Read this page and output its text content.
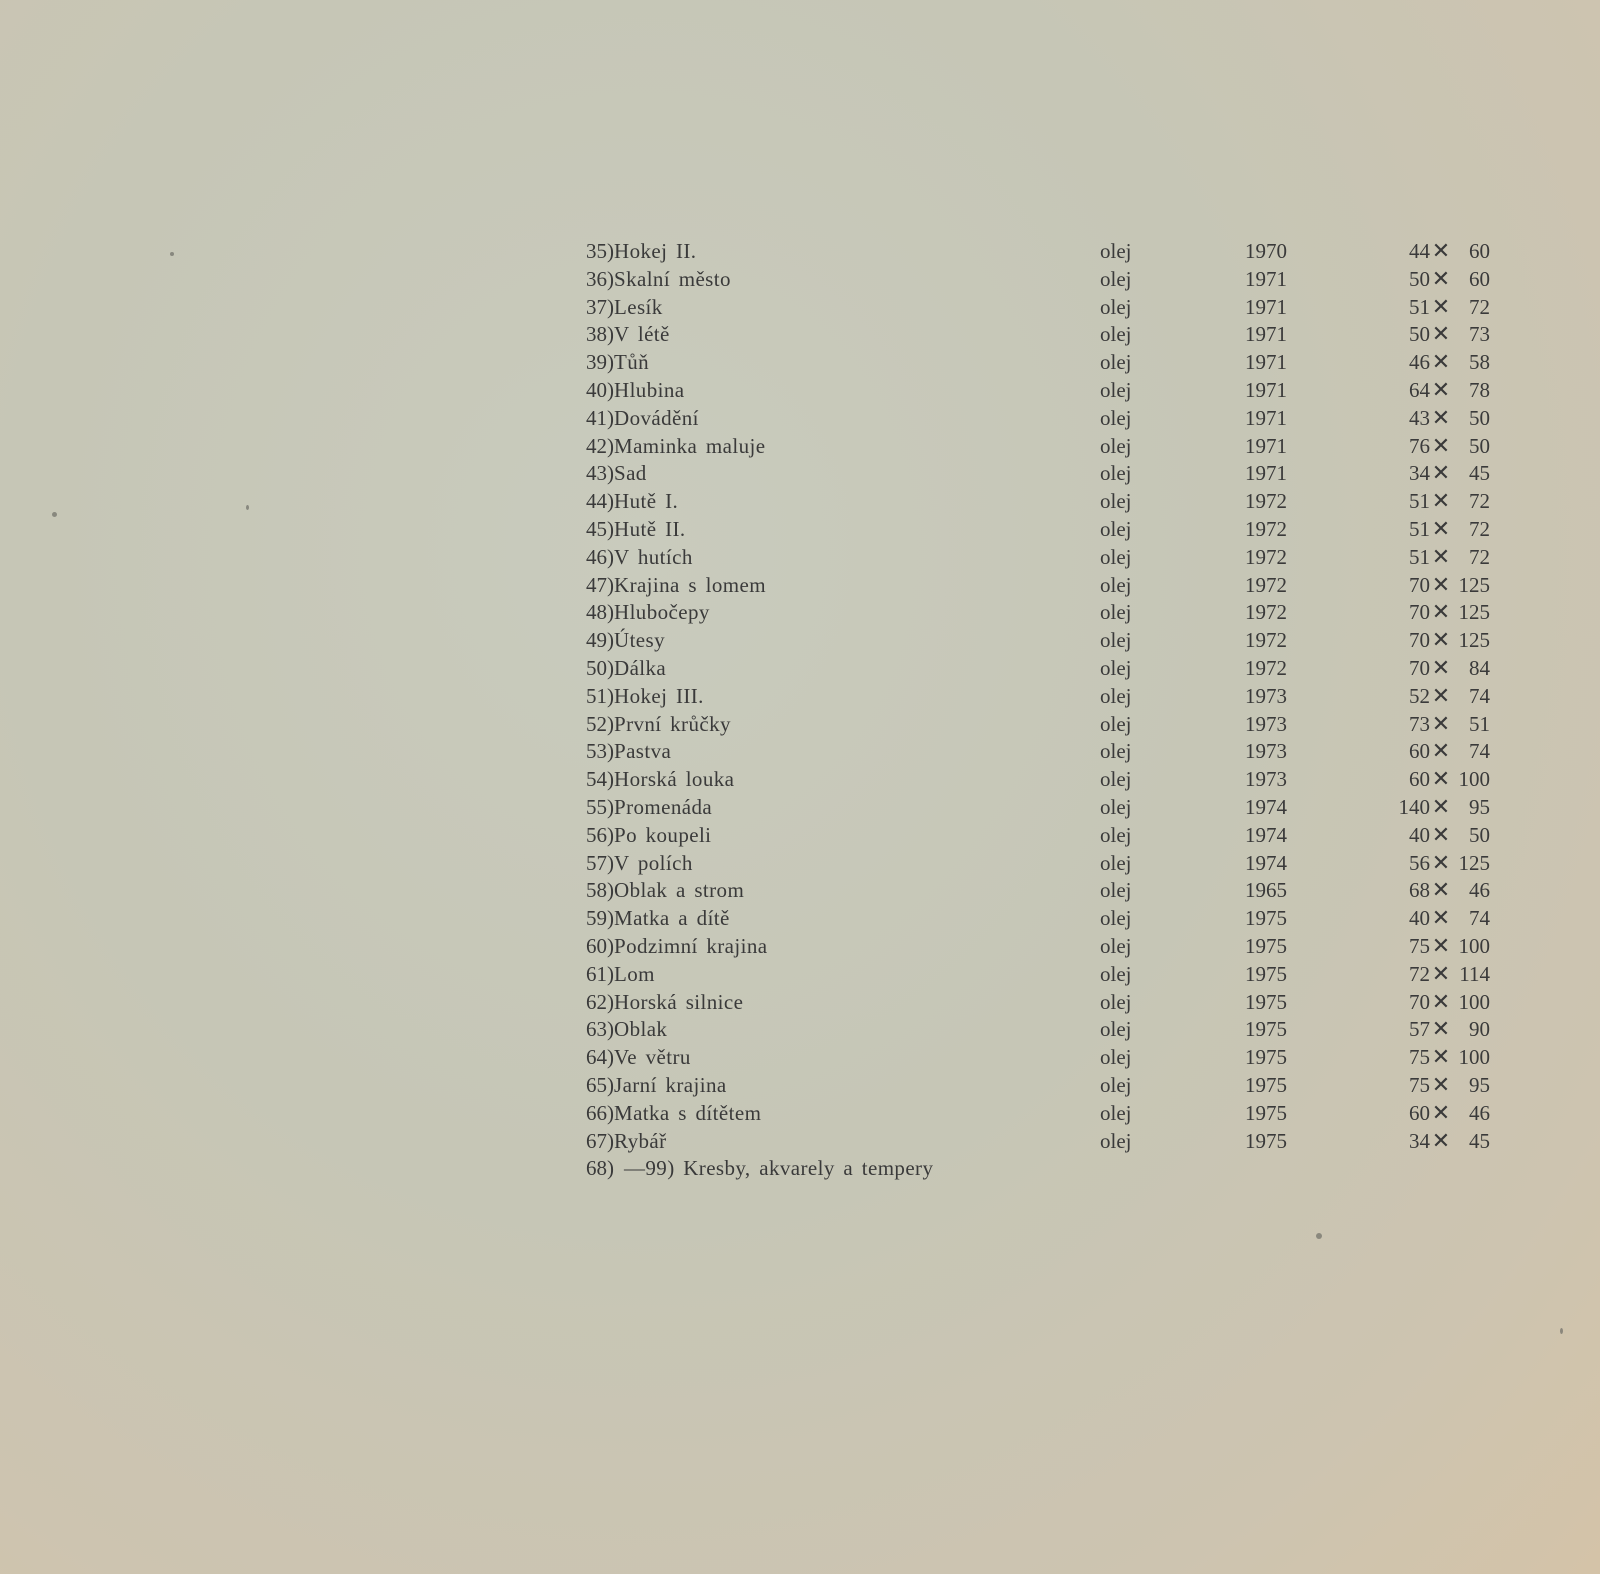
35) Hokej II.	olej	1970	44 ✕ 60
36) Skalní město	olej	1971	50 ✕ 60
37) Lesík	olej	1971	51 ✕ 72
38) V létě	olej	1971	50 ✕ 73
39) Tůň	olej	1971	46 ✕ 58
40) Hlubina	olej	1971	64 ✕ 78
41) Dovádění	olej	1971	43 ✕ 50
42) Maminka maluje	olej	1971	76 ✕ 50
43) Sad	olej	1971	34 ✕ 45
44) Hutě I.	olej	1972	51 ✕ 72
45) Hutě II.	olej	1972	51 ✕ 72
46) V hutích	olej	1972	51 ✕ 72
47) Krajina s lomem	olej	1972	70 ✕ 125
48) Hlubočepy	olej	1972	70 ✕ 125
49) Útesy	olej	1972	70 ✕ 125
50) Dálka	olej	1972	70 ✕ 84
51) Hokej III.	olej	1973	52 ✕ 74
52) První krůčky	olej	1973	73 ✕ 51
53) Pastva	olej	1973	60 ✕ 74
54) Horská louka	olej	1973	60 ✕ 100
55) Promenáda	olej	1974	140 ✕ 95
56) Po koupeli	olej	1974	40 ✕ 50
57) V polích	olej	1974	56 ✕ 125
58) Oblak a strom	olej	1965	68 ✕ 46
59) Matka a dítě	olej	1975	40 ✕ 74
60) Podzimní krajina	olej	1975	75 ✕ 100
61) Lom	olej	1975	72 ✕ 114
62) Horská silnice	olej	1975	70 ✕ 100
63) Oblak	olej	1975	57 ✕ 90
64) Ve větru	olej	1975	75 ✕ 100
65) Jarní krajina	olej	1975	75 ✕ 95
66) Matka s dítětem	olej	1975	60 ✕ 46
67) Rybář	olej	1975	34 ✕ 45
68) —99) Kresby, akvarely a tempery
